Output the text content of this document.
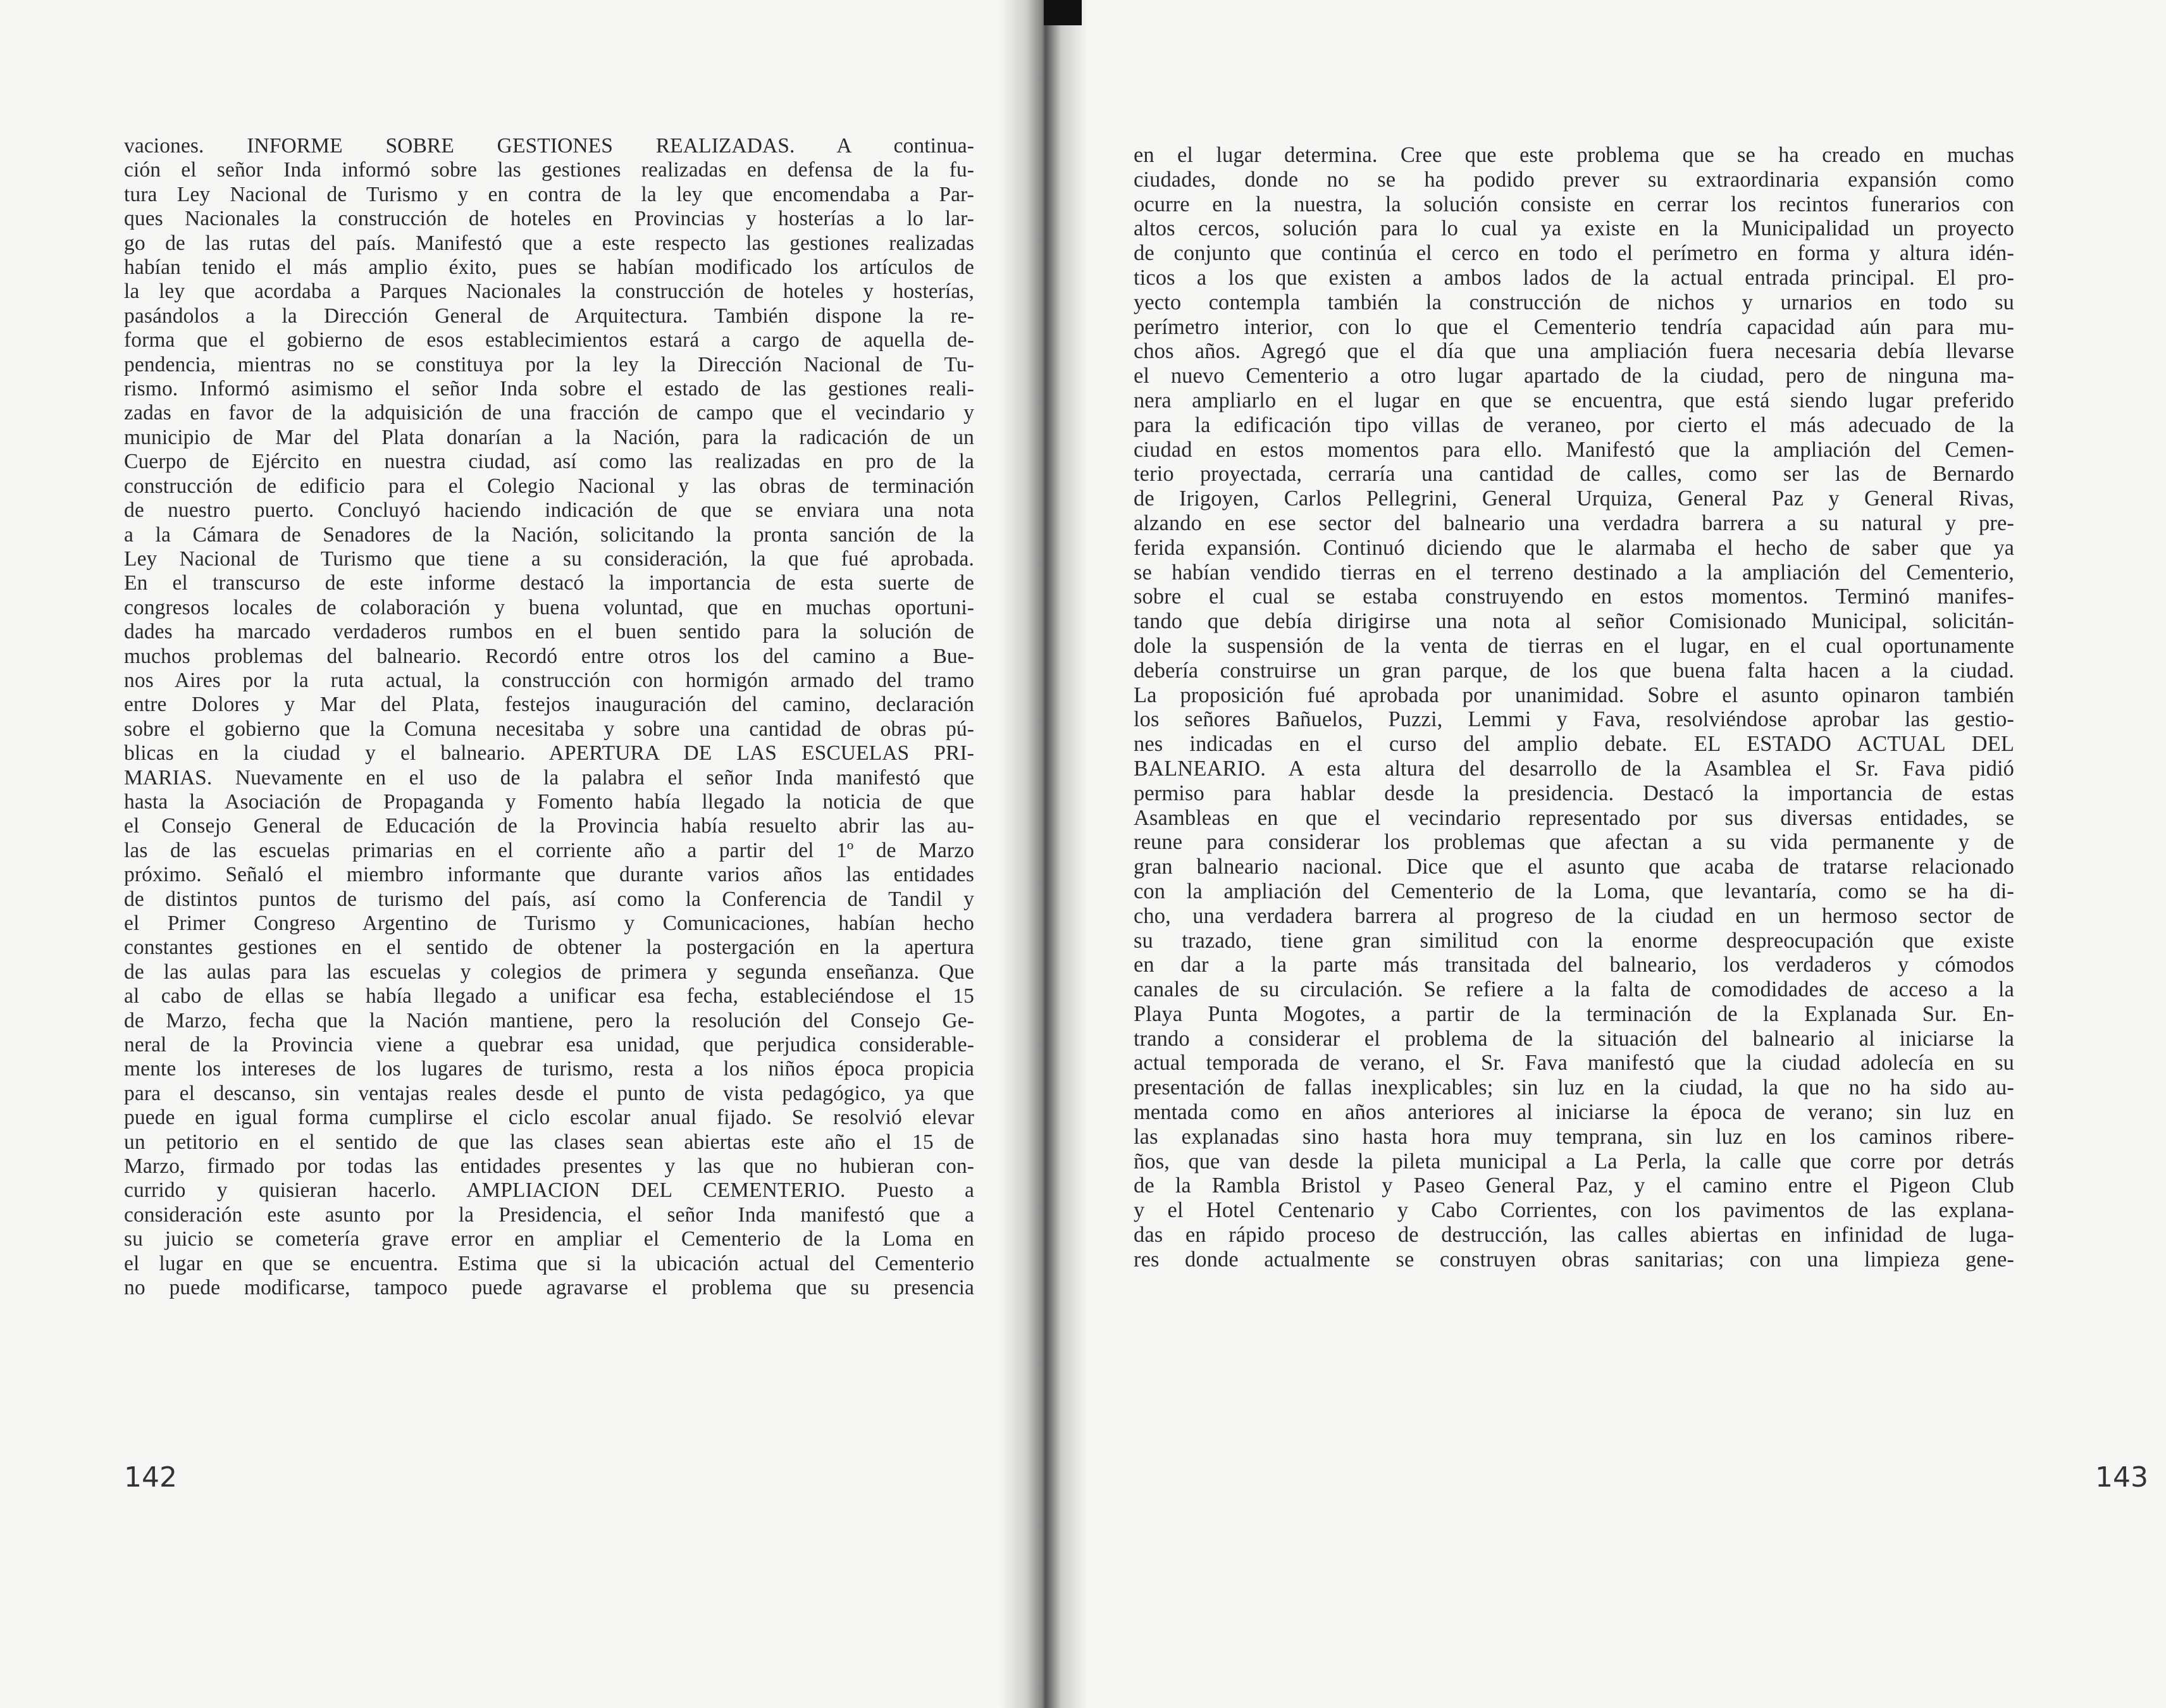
vaciones. INFORME SOBRE GESTIONES REALIZADAS. A continua-

ción el señor Inda informó sobre las gestiones realizadas en defensa de la fu-

tura Ley Nacional de Turismo y en contra de la ley que encomendaba a Par-

ques Nacionales la construcción de hoteles en Provincias y hosterías a lo lar-

go de las rutas del país. Manifestó que a este respecto las gestiones realizadas

habían tenido el más amplio éxito, pues se habían modificado los artículos de

la ley que acordaba a Parques Nacionales la construcción de hoteles y hosterías,

pasándolos a la Dirección General de Arquitectura. También dispone la re-

forma que el gobierno de esos establecimientos estará a cargo de aquella de-

pendencia, mientras no se constituya por la ley la Dirección Nacional de Tu-

rismo. Informó asimismo el señor Inda sobre el estado de las gestiones reali-

zadas en favor de la adquisición de una fracción de campo que el vecindario y

municipio de Mar del Plata donarían a la Nación, para la radicación de un

Cuerpo de Ejército en nuestra ciudad, así como las realizadas en pro de la

construcción de edificio para el Colegio Nacional y las obras de terminación

de nuestro puerto. Concluyó haciendo indicación de que se enviara una nota

a la Cámara de Senadores de la Nación, solicitando la pronta sanción de la

Ley Nacional de Turismo que tiene a su consideración, la que fué aprobada.

En el transcurso de este informe destacó la importancia de esta suerte de

congresos locales de colaboración y buena voluntad, que en muchas oportuni-

dades ha marcado verdaderos rumbos en el buen sentido para la solución de

muchos problemas del balneario. Recordó entre otros los del camino a Bue-

nos Aires por la ruta actual, la construcción con hormigón armado del tramo

entre Dolores y Mar del Plata, festejos inauguración del camino, declaración

sobre el gobierno que la Comuna necesitaba y sobre una cantidad de obras pú-

blicas en la ciudad y el balneario. APERTURA DE LAS ESCUELAS PRI-

MARIAS. Nuevamente en el uso de la palabra el señor Inda manifestó que

hasta la Asociación de Propaganda y Fomento había llegado la noticia de que

el Consejo General de Educación de la Provincia había resuelto abrir las au-

las de las escuelas primarias en el corriente año a partir del 1º de Marzo

próximo. Señaló el miembro informante que durante varios años las entidades

de distintos puntos de turismo del país, así como la Conferencia de Tandil y

el Primer Congreso Argentino de Turismo y Comunicaciones, habían hecho

constantes gestiones en el sentido de obtener la postergación en la apertura

de las aulas para las escuelas y colegios de primera y segunda enseñanza. Que

al cabo de ellas se había llegado a unificar esa fecha, estableciéndose el 15

de Marzo, fecha que la Nación mantiene, pero la resolución del Consejo Ge-

neral de la Provincia viene a quebrar esa unidad, que perjudica considerable-

mente los intereses de los lugares de turismo, resta a los niños época propicia

para el descanso, sin ventajas reales desde el punto de vista pedagógico, ya que

puede en igual forma cumplirse el ciclo escolar anual fijado. Se resolvió elevar

un petitorio en el sentido de que las clases sean abiertas este año el 15 de

Marzo, firmado por todas las entidades presentes y las que no hubieran con-

currido y quisieran hacerlo. AMPLIACION DEL CEMENTERIO. Puesto a

consideración este asunto por la Presidencia, el señor Inda manifestó que a

su juicio se cometería grave error en ampliar el Cementerio de la Loma en

el lugar en que se encuentra. Estima que si la ubicación actual del Cementerio

no puede modificarse, tampoco puede agravarse el problema que su presencia

142

en el lugar determina. Cree que este problema que se ha creado en muchas

ciudades, donde no se ha podido prever su extraordinaria expansión como

ocurre en la nuestra, la solución consiste en cerrar los recintos funerarios con

altos cercos, solución para lo cual ya existe en la Municipalidad un proyecto

de conjunto que continúa el cerco en todo el perímetro en forma y altura idén-

ticos a los que existen a ambos lados de la actual entrada principal. El pro-

yecto contempla también la construcción de nichos y urnarios en todo su

perímetro interior, con lo que el Cementerio tendría capacidad aún para mu-

chos años. Agregó que el día que una ampliación fuera necesaria debía llevarse

el nuevo Cementerio a otro lugar apartado de la ciudad, pero de ninguna ma-

nera ampliarlo en el lugar en que se encuentra, que está siendo lugar preferido

para la edificación tipo villas de veraneo, por cierto el más adecuado de la

ciudad en estos momentos para ello. Manifestó que la ampliación del Cemen-

terio proyectada, cerraría una cantidad de calles, como ser las de Bernardo

de Irigoyen, Carlos Pellegrini, General Urquiza, General Paz y General Rivas,

alzando en ese sector del balneario una verdadra barrera a su natural y pre-

ferida expansión. Continuó diciendo que le alarmaba el hecho de saber que ya

se habían vendido tierras en el terreno destinado a la ampliación del Cementerio,

sobre el cual se estaba construyendo en estos momentos. Terminó manifes-

tando que debía dirigirse una nota al señor Comisionado Municipal, solicitán-

dole la suspensión de la venta de tierras en el lugar, en el cual oportunamente

debería construirse un gran parque, de los que buena falta hacen a la ciudad.

La proposición fué aprobada por unanimidad. Sobre el asunto opinaron también

los señores Bañuelos, Puzzi, Lemmi y Fava, resolviéndose aprobar las gestio-

nes indicadas en el curso del amplio debate. EL ESTADO ACTUAL DEL

BALNEARIO. A esta altura del desarrollo de la Asamblea el Sr. Fava pidió

permiso para hablar desde la presidencia. Destacó la importancia de estas

Asambleas en que el vecindario representado por sus diversas entidades, se

reune para considerar los problemas que afectan a su vida permanente y de

gran balneario nacional. Dice que el asunto que acaba de tratarse relacionado

con la ampliación del Cementerio de la Loma, que levantaría, como se ha di-

cho, una verdadera barrera al progreso de la ciudad en un hermoso sector de

su trazado, tiene gran similitud con la enorme despreocupación que existe

en dar a la parte más transitada del balneario, los verdaderos y cómodos

canales de su circulación. Se refiere a la falta de comodidades de acceso a la

Playa Punta Mogotes, a partir de la terminación de la Explanada Sur. En-

trando a considerar el problema de la situación del balneario al iniciarse la

actual temporada de verano, el Sr. Fava manifestó que la ciudad adolecía en su

presentación de fallas inexplicables; sin luz en la ciudad, la que no ha sido au-

mentada como en años anteriores al iniciarse la época de verano; sin luz en

las explanadas sino hasta hora muy temprana, sin luz en los caminos ribere-

ños, que van desde la pileta municipal a La Perla, la calle que corre por detrás

de la Rambla Bristol y Paseo General Paz, y el camino entre el Pigeon Club

y el Hotel Centenario y Cabo Corrientes, con los pavimentos de las explana-

das en rápido proceso de destrucción, las calles abiertas en infinidad de luga-

res donde actualmente se construyen obras sanitarias; con una limpieza gene-

143
